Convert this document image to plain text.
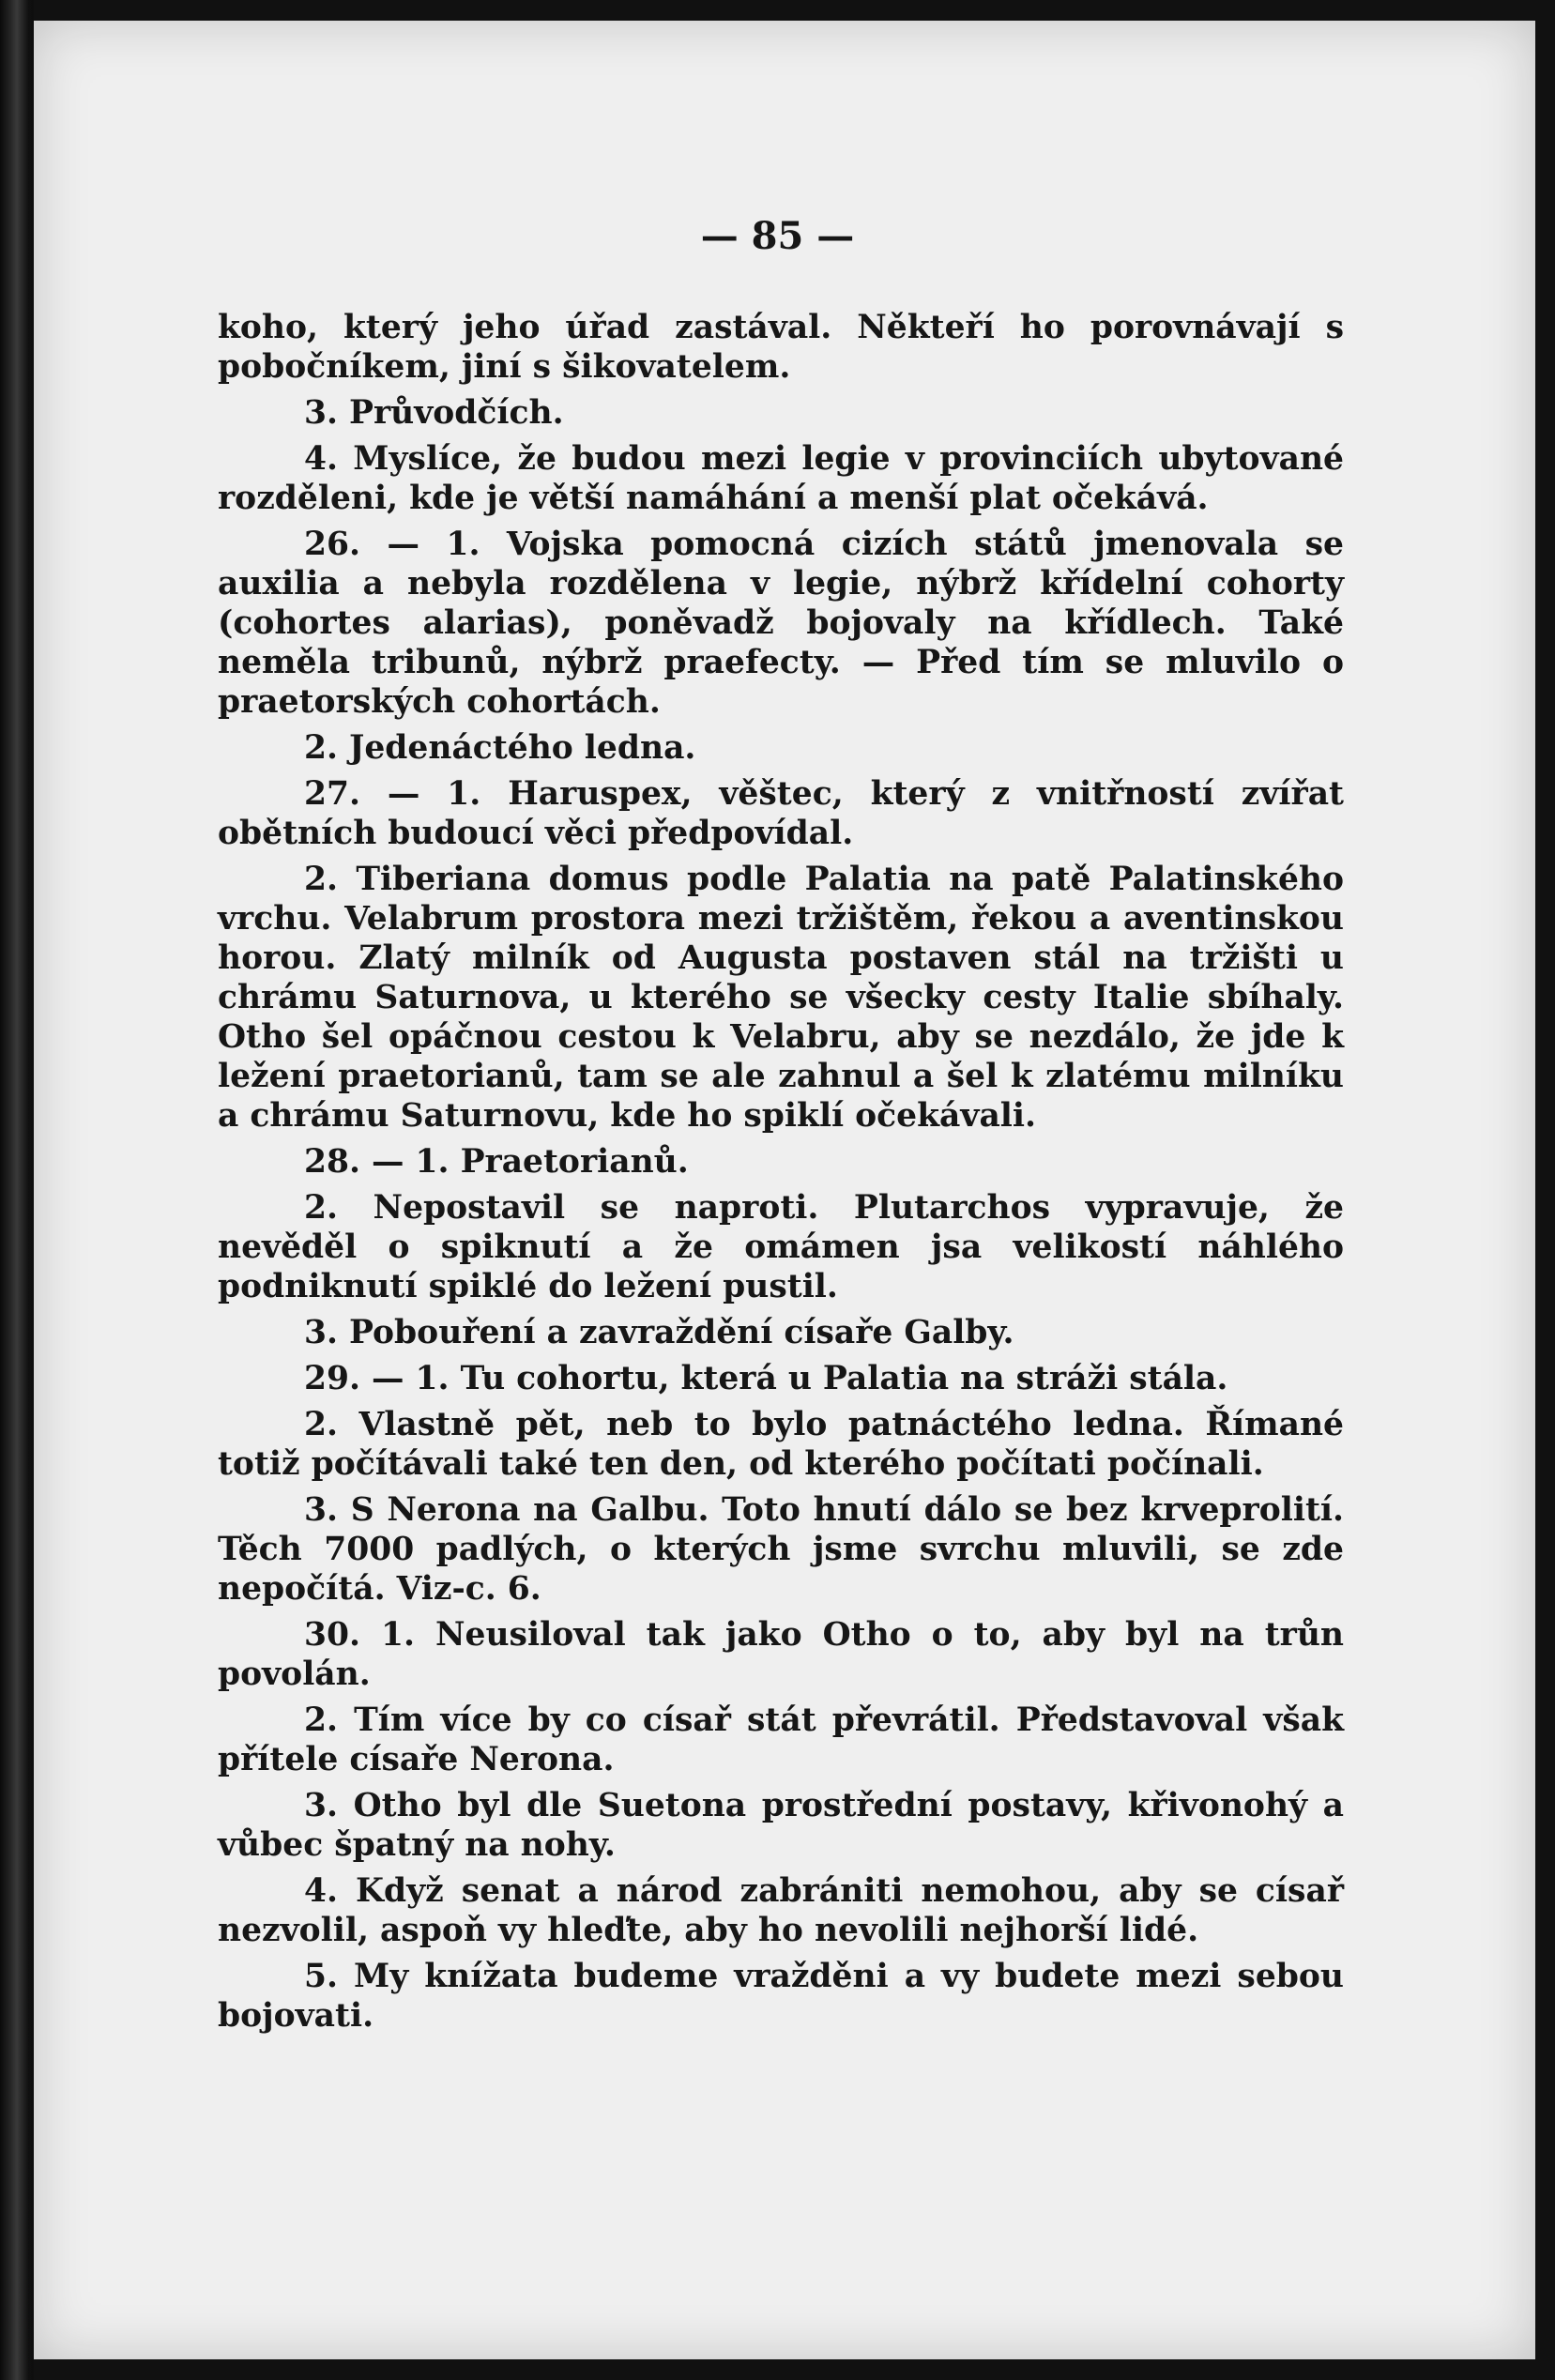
— 85 —

koho, který jeho úřad zastával. Někteří ho porovnávají s pobočníkem, jiní s šikovatelem.

3. Průvodčích.

4. Myslíce, že budou mezi legie v provinciích ubytované rozděleni, kde je větší namáhání a menší plat očekává.

26. — 1. Vojska pomocná cizích států jmenovala se auxilia a nebyla rozdělena v legie, nýbrž křídelní cohorty (cohortes alarias), poněvadž bojovaly na křídlech. Také neměla tribunů, nýbrž praefecty. — Před tím se mluvilo o praetorských cohortách.

2. Jedenáctého ledna.

27. — 1. Haruspex, věštec, který z vnitřností zvířat obětních budoucí věci předpovídal.

2. Tiberiana domus podle Palatia na patě Palatinského vrchu. Velabrum prostora mezi tržištěm, řekou a aventinskou horou. Zlatý milník od Augusta postaven stál na tržišti u chrámu Saturnova, u kteréhо se všecky cesty Italie sbíhaly. Otho šel opáčnou cestou k Velabru, aby se nezdálo, že jde k ležení praetorianů, tam se ale zahnul a šel k zlatému milníku a chrámu Saturnovu, kde ho spiklí očekávali.

28. — 1. Praetorianů.

2. Nepostavil se naproti. Plutarchos vypravuje, že nevěděl o spiknutí a že omámen jsa velikostí náhlého podniknutí spiklé do ležení pustil.

3. Pobouření a zavraždění císaře Galby.

29. — 1. Tu cohortu, která u Palatia na stráži stála.

2. Vlastně pět, neb to bylo patnáctého ledna. Římané totiž počítávali také ten den, od kterého počítati počínali.

3. S Nerona na Galbu. Toto hnutí dálo se bez krveprolití. Těch 7000 padlých, o kterých jsme svrchu mluvili, se zde nepočítá. Viz-c. 6.

30. 1. Neusiloval tak jako Otho o to, aby byl na trůn povolán.

2. Tím více by co císař stát převrátil. Představoval však přítele císaře Nerona.

3. Otho byl dle Suetona prostřední postavy, křivonohý a vůbec špatný na nohy.

4. Když senat a národ zabrániti nemohou, aby se císař nezvolil, aspoň vy hleďte, aby ho nevolili nejhorší lidé.

5. My knížata budeme vražděni a vy budete mezi sebou bojovati.
